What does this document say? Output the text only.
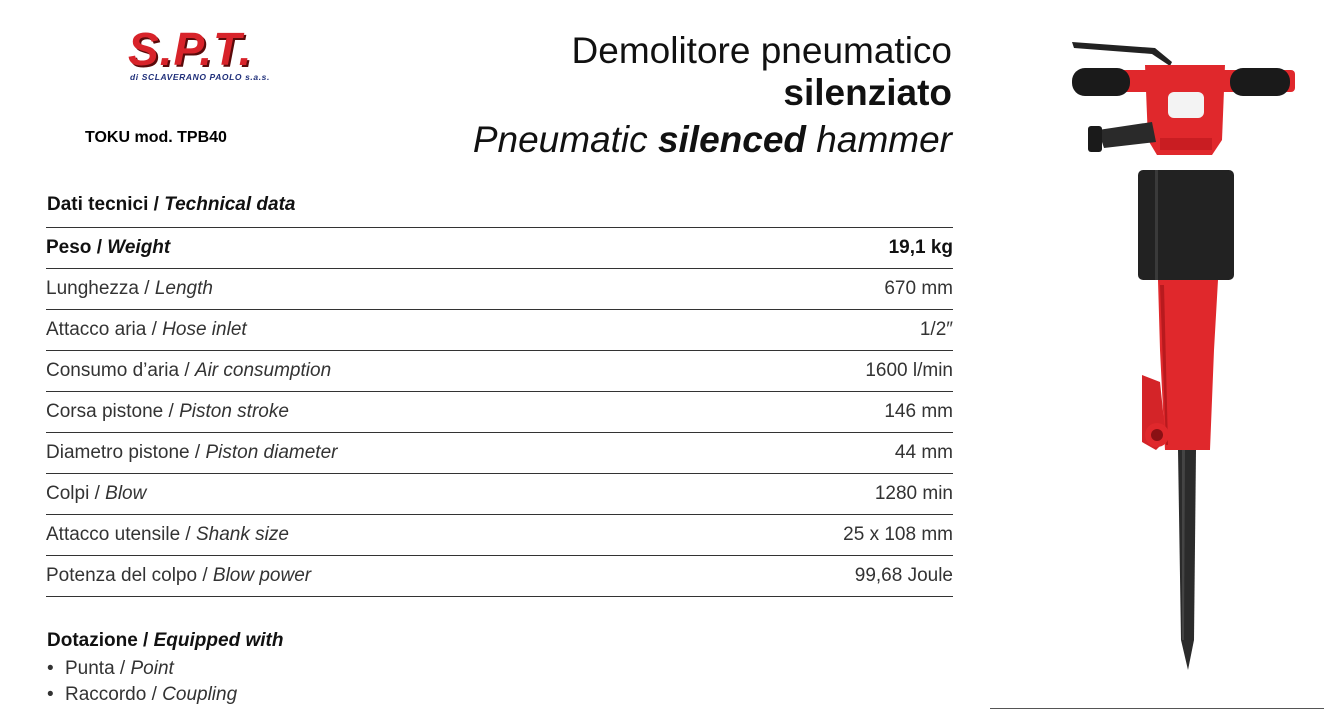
S.P.T.
di SCLAVERANO PAOLO s.a.s.
TOKU mod. TPB40
Demolitore pneumatico
silenziato
Pneumatic silenced hammer
Dati tecnici / Technical data
Peso / Weight	19,1 kg
Lunghezza / Length	670 mm
Attacco aria / Hose inlet	1/2″
Consumo d’aria / Air consumption	1600 l/min
Corsa pistone / Piston stroke	146 mm
Diametro pistone / Piston diameter	44 mm
Colpi / Blow	1280 min
Attacco utensile / Shank size	25 x 108 mm
Potenza del colpo / Blow power	99,68 Joule
Dotazione / Equipped with
• Punta / Point
• Raccordo / Coupling
